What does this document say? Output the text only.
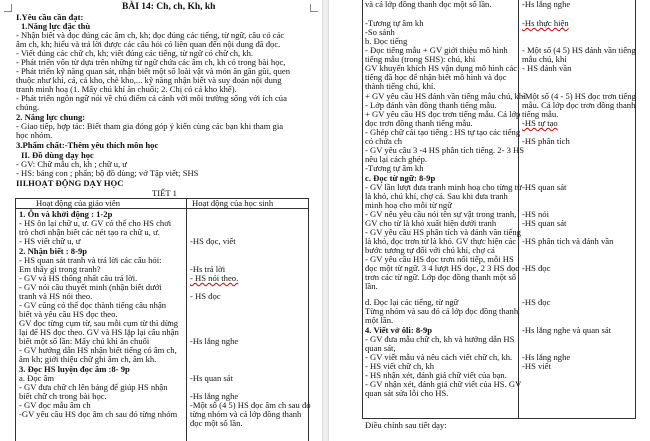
BÀI 14: Ch, ch, Kh, kh
I.Yêu cầu cần đạt:
1.Năng lực đặc thù
- Nhận biết và đọc đúng các âm ch, kh; đọc đúng các tiếng, từ ngữ, câu có các
âm ch, kh; hiểu và trả lời được các câu hỏi có liên quan đến nội dung đã đọc.
- Viết đúng các chữ ch, kh; viết đúng các tiếng, từ ngữ có chữ ch, kh.
- Phát triển vốn từ dựa trên những từ ngữ chứa các âm ch, kh có trong bài học,
- Phát triển kỹ năng quan sát, nhận biết một số loài vật và món ăn gần gũi, quen
thuộc như khỉ, cá, cá kho, chè kho,... kỹ năng nhận biết và suy đoán nội dung
tranh minh hoạ (1. Mấy chú khỉ ăn chuối; 2. Chị có cá kho khế).
- Phát triển ngôn ngữ nói về chủ điểm cả cảnh vời môi trường sống vởi ích của
chúng.
2. Năng lực chung:
- Giao tiếp, hợp tác: Biết tham gia đóng góp ý kiến cùng các bạn khi tham gia
học nhóm.
3.Phẩm chất:-Thêm yêu thích môn học
II. Đồ dùng dạy học
- GV: Chữ mẫu ch, kh ; chữ u, ư
- HS: bảng con ; phấn; bộ đồ dùng; vở Tập viết; SHS
III.HOẠT ĐỘNG DẠY HỌC
TIẾT 1
Hoạt động của giáo viên	Hoạt động của học sinh
1. Ôn và khởi động : 1-2p
- HS ôn lại chữ u, ư. GV có thể cho HS chơi
trò chơi nhận biết các nét tạo ra chữ u, ư.
- HS viết chữ u, ư
2. Nhận biết : 8-9p
- HS quan sát tranh và trả lời các câu hỏi:
Em thấy gì trong tranh?
- GV và HS thống nhất câu trả lời.
- GV nói câu thuyết minh (nhận biết dưới
tranh và HS nói theo.
- GV cũng có thể đọc thành tiếng câu nhận
biết và yêu cầu HS đọc theo.
GV đọc từng cụm từ, sau mỗi cụm từ thì dừng
lại để HS đọc theo. GV và HS lặp lại câu nhận
biết một số lần: Mấy chú khỉ ăn chuối
- GV hướng dẫn HS nhận biết tiếng có âm ch,
âm kh; giới thiệu chữ ghi âm ch, âm kh.
3. Đọc HS luyện đọc âm :8- 9p
a. Đọc âm
- GV đưa chữ ch lên bảng để giúp HS nhận
biết chữ ch trong bài học.
- GV đọc mẫu âm ch
-GV yêu cầu HS đọc âm ch sau đó từng nhóm
-HS đọc, viết
-Hs trả lời
- HS nói theo.
- HS đọc
-Hs lắng nghe
-Hs quan sát
-Hs lắng nghe
-Một số (4 5) HS đọc âm ch sau đó
từng nhóm và cả lớp đồng thanh
đọc một số lần.
và cả lớp đồng thanh đọc một số lần.
-Tương tự âm kh
-So sánh
b. Đọc tiếng
- Đọc tiếng mẫu + GV giới thiệu mô hình
tiếng mẫu (trong SHS): chú, khỉ
GV khuyến khích HS vận dụng mô hình các
tiếng đã học để nhận biết mô hình và đọc
thành tiếng chú, khỉ.
+ GV yêu cầu HS đánh vần tiếng mẫu chú, khỉ
- Lớp đánh vần đồng thanh tiếng mẫu.
+ GV yêu cầu HS đọc trơn tiếng mẫu. Cả lớp
đọc trơn đồng thanh tiếng mẫu.
- Ghép chữ cái tạo tiếng : HS tự tạo các tiếng
có chứa ch
- GV yêu cầu 3 -4 HS phân tích tiếng. 2- 3 HS
nêu lại cách ghép.
-Tương tự âm kh
c. Đọc từ ngữ: 8-9p
- GV lần lượt đưa tranh minh hoạ cho từng từ
là khỏ, chú khỉ, chợ cá. Sau khi đưa tranh
minh hoạ cho mỗi từ ngữ
- GV nêu yêu cầu nói tên sự vật trong tranh,
GV cho từ là khỏ xuất hiện dưới tranh
- GV yêu cầu HS phân tích và đánh vần tiếng
là khỏ, đọc trơn từ là khỏ. GV thực hiện các
bước tương tự đối với chú khỉ, chợ cá
- GV yêu cầu HS đọc trơn nối tiếp, mỗi HS
đọc một từ ngữ. 3 4 lượt HS đọc, 2 3 HS đọc
trơn các từ ngữ. Lớp đọc đồng thanh một số
lần.
d. Đọc lại các tiếng, từ ngữ
Từng nhóm và sau đó cả lớp đọc đồng thanh
một lần.
4. Viết vở ôli: 8-9p
- GV đưa mẫu chữ ch, kh và hướng dẫn HS
quan sát,
- GV viết mẫu và nêu cách viết chữ ch, kh.
- HS viết chữ ch, kh
- HS nhận xét, đánh giá chữ viết của bạn.
- GV nhận xét, đánh giá chữ viết của HS. GV
quan sát sửa lỗi cho HS.
Điều chỉnh sau tiết dạy:
-Hs lắng nghe
-Hs thực hiện
- Một số (4 5) HS đánh vần tiếng
mẫu chú, khỉ
- HS đánh vần
-Một số (4 - 5) HS đọc trơn tiếng
mẫu. Cả lớp đọc trơn đồng thanh
tiếng mẫu.
-HS tự tạo
-HS phân tích
-HS quan sát
-HS nói
-HS quan sát
-HS phân tích và đánh vần
-HS đọc
-HS đọc
-Hs lắng nghe và quan sát
-Hs lắng nghe
-HS viết
